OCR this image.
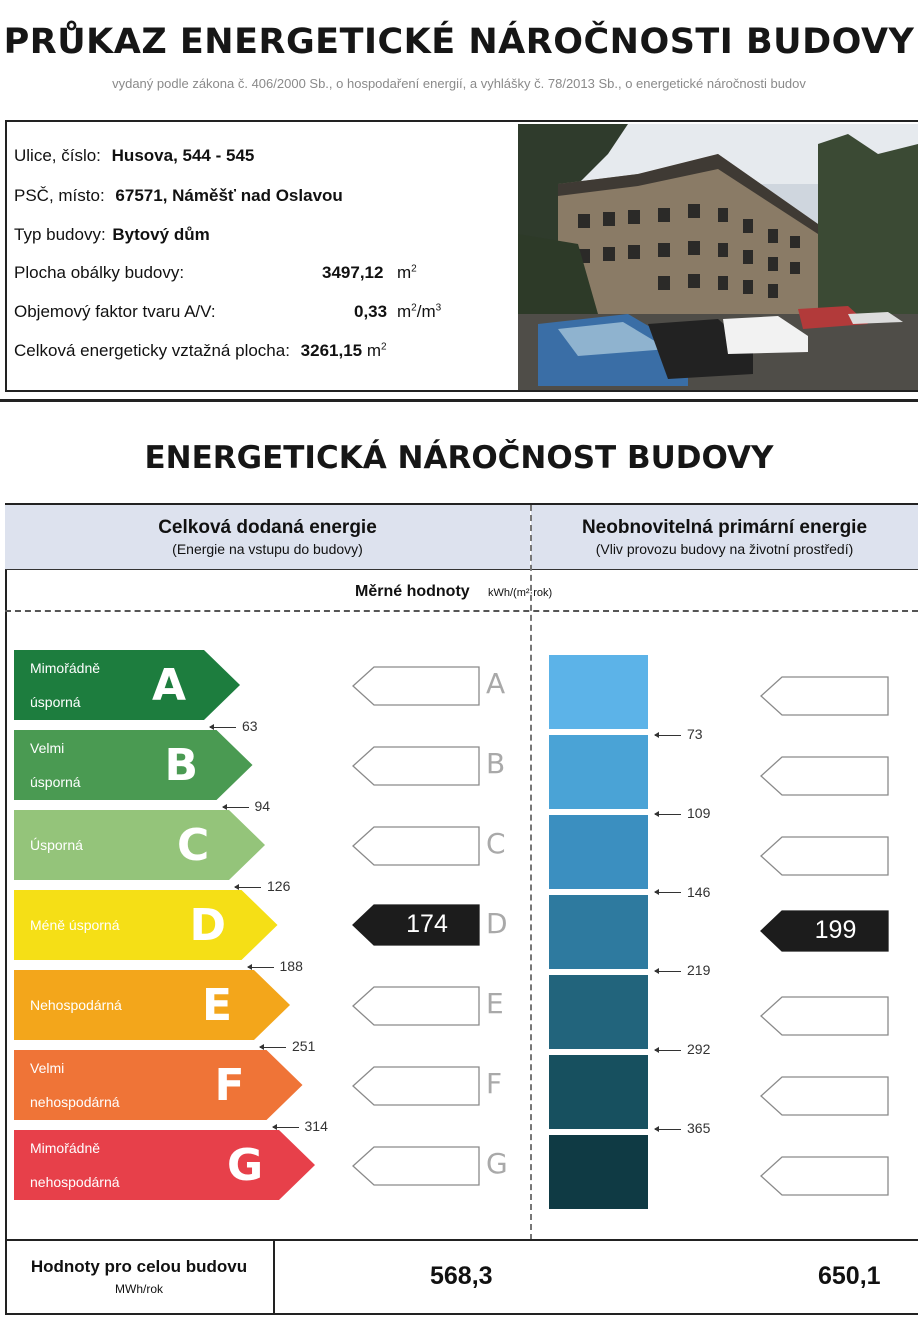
PRŮKAZ ENERGETICKÉ NÁROČNOSTI BUDOVY
vydaný podle zákona č. 406/2000 Sb., o hospodaření energií, a vyhlášky č. 78/2013 Sb., o energetické náročnosti budov
Ulice, číslo: Husova, 544 - 545
PSČ, místo: 67571, Náměšť nad Oslavou
Typ budovy: Bytový dům
Plocha obálky budovy:	3497,12 $m^2$
Objemový faktor tvaru A/V:	0,33 $m^2/m^3$
Celková energeticky vztažná plocha: 3261,15 $m^2$
ENERGETICKÁ NÁROČNOST BUDOVY
Celková dodaná energie
(Energie na vstupu do budovy)
Neobnovitelná primární energie
(Vliv provozu budovy na životní prostředí)
Měrné hodnoty kWh/(m²·rok)
Mimořádně

úsporná A	A
Velmi

úsporná B	B
Úsporná C	C
Méně úsporná D	174	D	199
Nehospodárná E	E
Velmi

nehospodárná F	F
Mimořádně

nehospodárná G	G
63
94
126
188
251
314
73
109
146
219
292
365
Hodnoty pro celou budovu
MWh/rok	568,3	650,1
